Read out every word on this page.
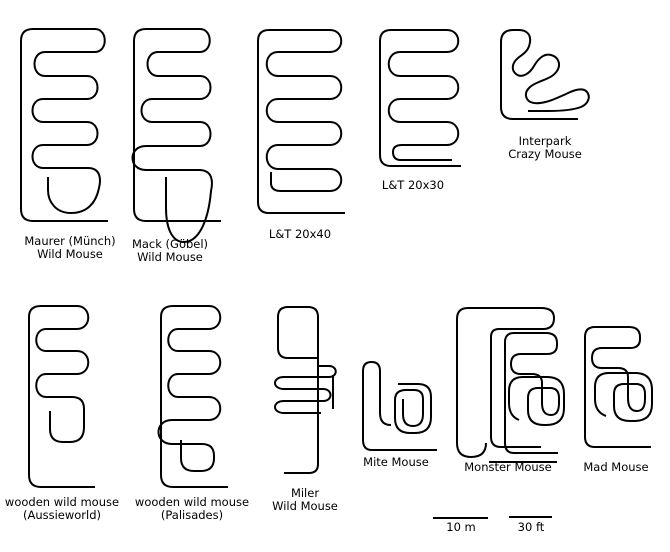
Maurer (Münch)
Wild Mouse
Mack (Göbel)
Wild Mouse
L&T 20x40
L&T 20x30
Interpark
Crazy Mouse
wooden wild mouse
(Aussieworld)
wooden wild mouse
(Palisades)
Miler
Wild Mouse
Mite Mouse	Monster Mouse	Mad Mouse
10 m	30 ft
